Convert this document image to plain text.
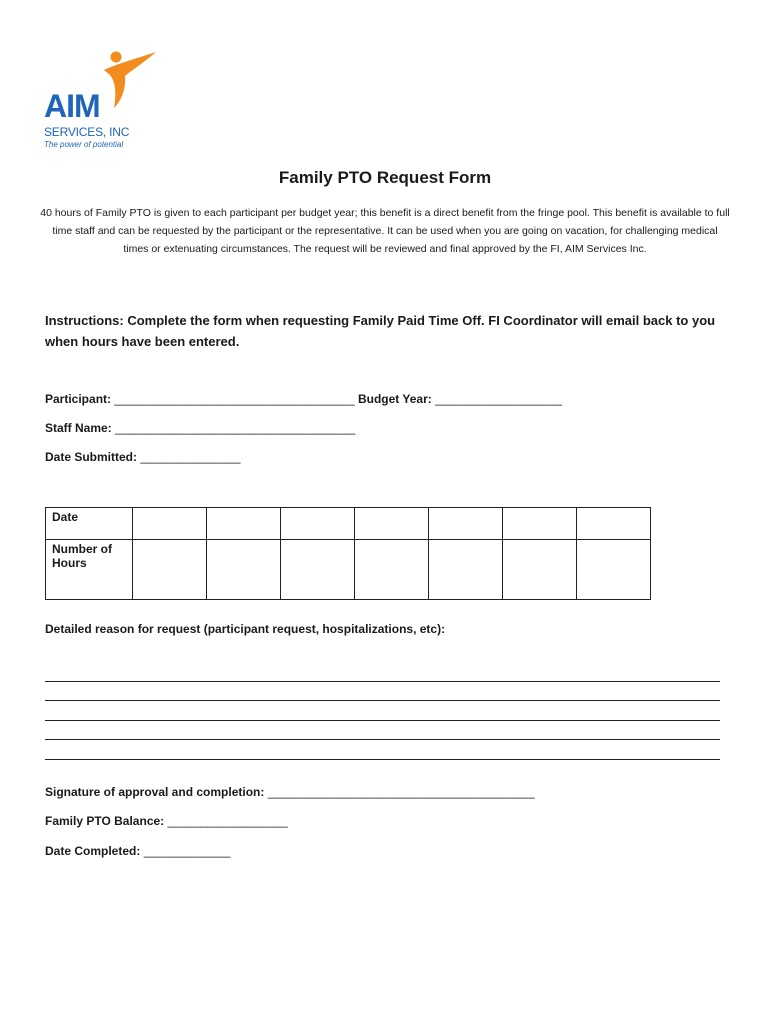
AIM
SERVICES, INC
The power of potential
Family PTO Request Form
40 hours of Family PTO is given to each participant per budget year; this benefit is a direct benefit from the fringe pool. This benefit is available to full time staff and can be requested by the participant or the representative. It can be used when you are going on vacation, for challenging medical times or extenuating circumstances. The request will be reviewed and final approved by the FI, AIM Services Inc.
Instructions: Complete the form when requesting Family Paid Time Off. FI Coordinator will email back to you when hours have been entered.
Participant: ____________________________________ Budget Year: ___________________
Staff Name: ____________________________________
Date Submitted: _______________
Date							
Number of Hours							
Detailed reason for request (participant request, hospitalizations, etc):
Signature of approval and completion: ________________________________________
Family PTO Balance: __________________
Date Completed: _____________
